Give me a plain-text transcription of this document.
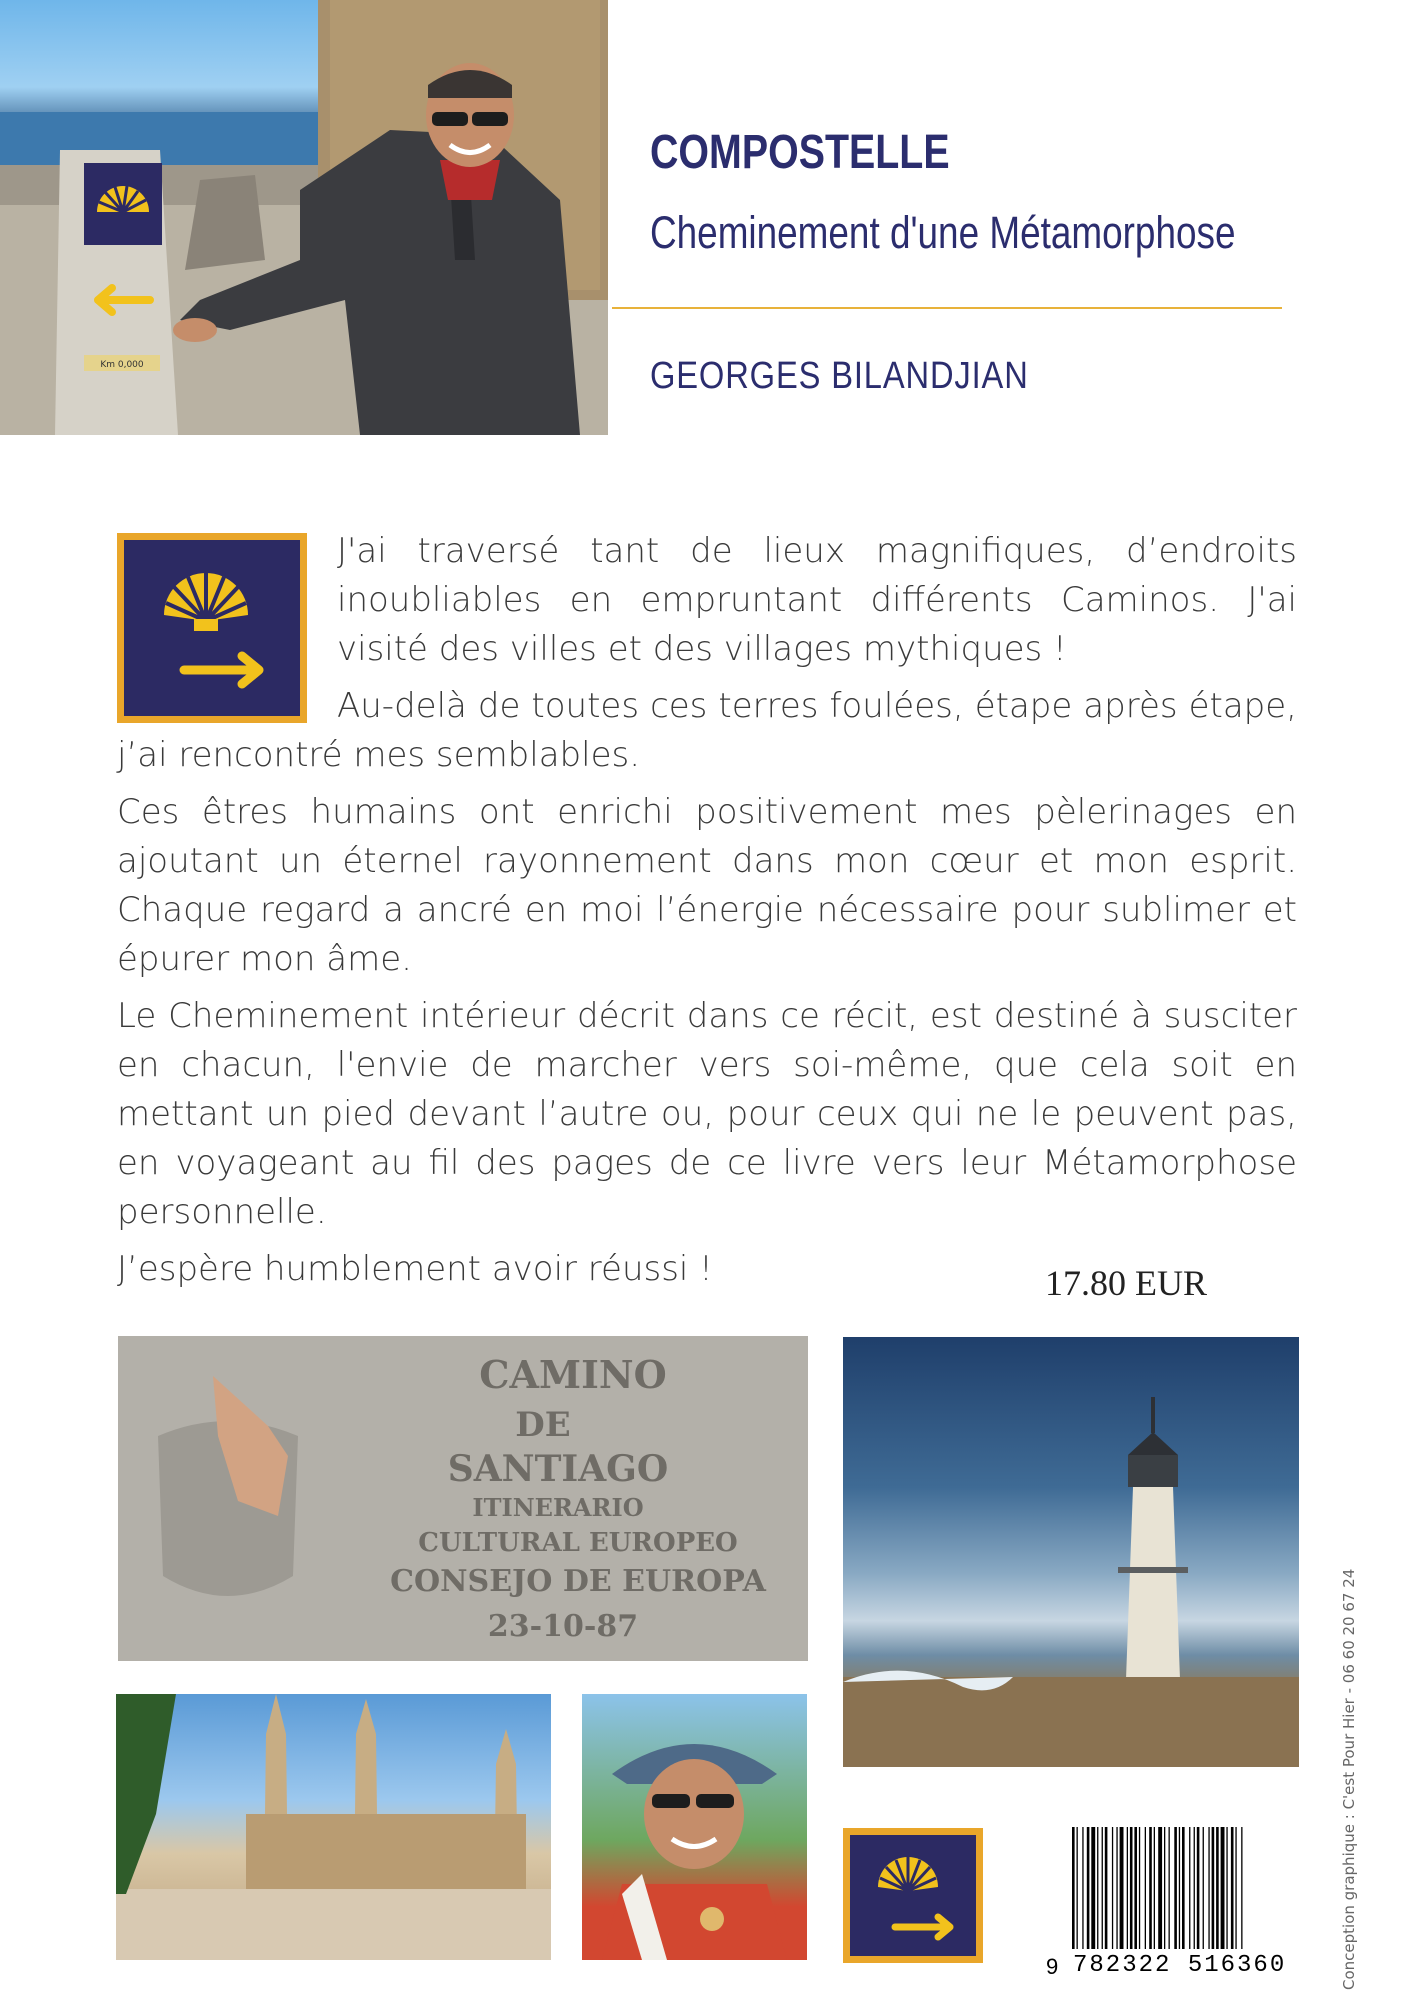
Km 0,000
COMPOSTELLE
Cheminement d'une Métamorphose
GEORGES BILANDJIAN

J'ai traversé tant de lieux magnifiques, d’endroits inoubliables en empruntant différents Caminos. J'ai visité des villes et des villages mythiques !

Au-delà de toutes ces terres foulées, étape après étape, j’ai rencontré mes semblables.

Ces êtres humains ont enrichi positivement mes pèlerinages en ajoutant un éternel rayonnement dans mon cœur et mon esprit. Chaque regard a ancré en moi l’énergie nécessaire pour sublimer et épurer mon âme.

Le Cheminement intérieur décrit dans ce récit, est destiné à susciter en chacun, l'envie de marcher vers soi-même, que cela soit en mettant un pied devant l’autre ou, pour ceux qui ne le peuvent pas, en voyageant au fil des pages de ce livre vers leur Métamorphose personnelle.

J’espère humblement avoir réussi !	17.80 EUR
CAMINO
DE
SANTIAGO
ITINERARIO
CULTURAL EUROPEO
CONSEJO DE EUROPA
23-10-87
9 782322 516360	Conception graphique : C'est Pour Hier - 06 60 20 67 24
